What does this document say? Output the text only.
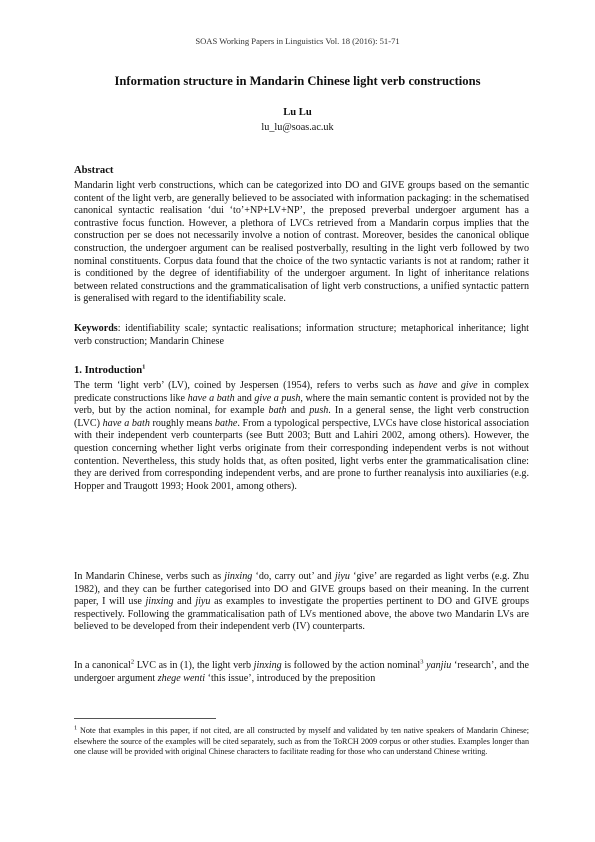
SOAS Working Papers in Linguistics Vol. 18 (2016): 51-71
Information structure in Mandarin Chinese light verb constructions
Lu Lu
lu_lu@soas.ac.uk
Abstract
Mandarin light verb constructions, which can be categorized into DO and GIVE groups based on the semantic content of the light verb, are generally believed to be associated with information packaging: in the schematised canonical syntactic realisation ‘dui ‘to’+NP+LV+NP’, the preposed preverbal undergoer argument has a contrastive focus function. However, a plethora of LVCs retrieved from a Mandarin corpus implies that the construction per se does not necessarily involve a notion of contrast. Moreover, besides the canonical oblique construction, the undergoer argument can be realised postverbally, resulting in the light verb followed by two nominal constituents. Corpus data found that the choice of the two syntactic variants is not at random; rather it is conditioned by the degree of identifiability of the undergoer argument. In light of inheritance relations between related constructions and the grammaticalisation of light verb constructions, a unified syntactic pattern is generalised with regard to the identifiability scale.
Keywords: identifiability scale; syntactic realisations; information structure; metaphorical inheritance; light verb construction; Mandarin Chinese
1. Introduction$^1$
The term ‘light verb’ (LV), coined by Jespersen (1954), refers to verbs such as have and give in complex predicate constructions like have a bath and give a push, where the main semantic content is provided not by the verb, but by the action nominal, for example bath and push. In a general sense, the light verb construction (LVC) have a bath roughly means bathe. From a typological perspective, LVCs have close historical association with their independent verb counterparts (see Butt 2003; Butt and Lahiri 2002, among others). However, the question concerning whether light verbs originate from their corresponding independent verbs is not without contention. Nevertheless, this study holds that, as often posited, light verbs enter the grammaticalisation cline: they are derived from corresponding independent verbs, and are prone to further reanalysis into auxiliaries (e.g. Hopper and Traugott 1993; Hook 2001, among others).
In Mandarin Chinese, verbs such as jinxing ‘do, carry out’ and jiyu ‘give’ are regarded as light verbs (e.g. Zhu 1982), and they can be further categorised into DO and GIVE groups based on their meaning. In the current paper, I will use jinxing and jiyu as examples to investigate the properties pertinent to DO and GIVE groups respectively. Following the grammaticalisation path of LVs mentioned above, the above two Mandarin LVs are believed to be developed from their independent verb (IV) counterparts.
In a canonical$^2$ LVC as in (1), the light verb jinxing is followed by the action nominal$^3$ yanjiu ‘research’, and the undergoer argument zhege wenti ‘this issue’, introduced by the preposition
$^1$ Note that examples in this paper, if not cited, are all constructed by myself and validated by ten native speakers of Mandarin Chinese; elsewhere the source of the examples will be cited separately, such as from the ToRCH 2009 corpus or other studies. Examples longer than one clause will be provided with original Chinese characters to facilitate reading for those who can understand Chinese writing.
